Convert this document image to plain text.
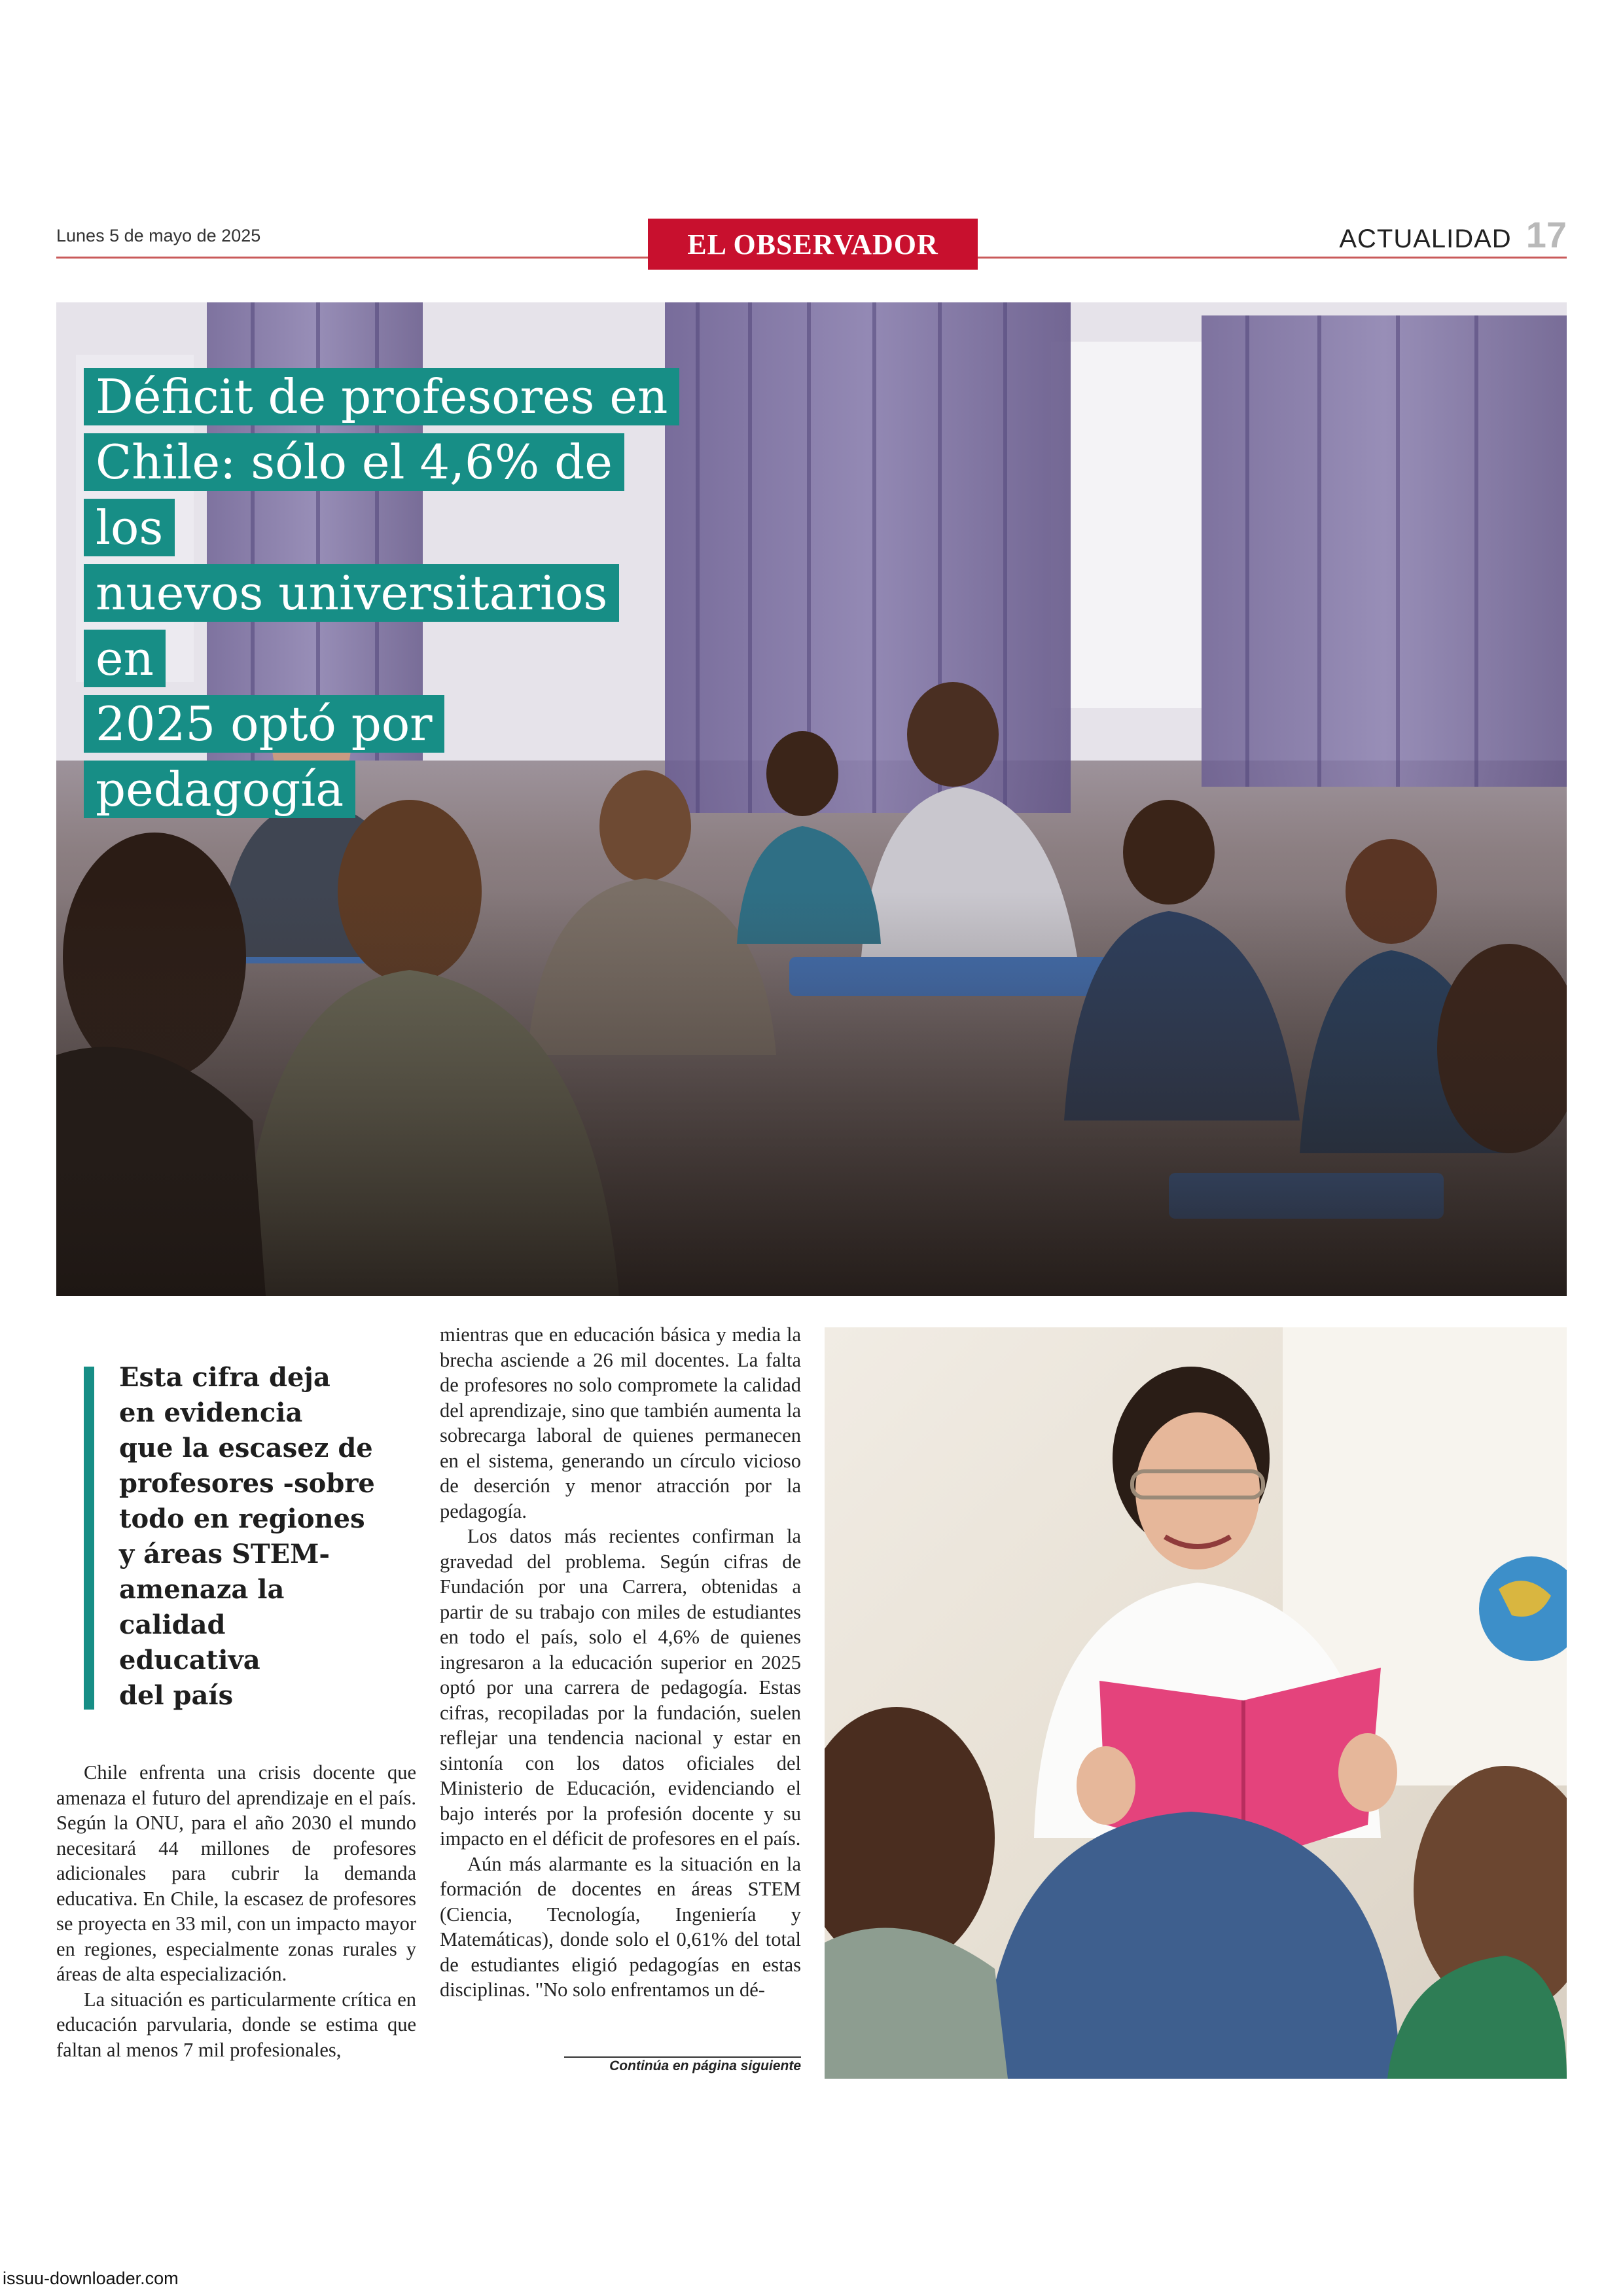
Lunes 5 de mayo de 2025	EL OBSERVADOR	ACTUALIDAD 17
Déficit de profesores en
Chile: sólo el 4,6% de los
nuevos universitarios en
2025 optó por pedagogía

Esta cifra deja
en evidencia
que la escasez de
profesores -sobre
todo en regiones
y áreas STEM-
amenaza la
calidad
educativa
del país

Chile enfrenta una crisis docente que amenaza el futuro del aprendizaje en el país. Según la ONU, para el año 2030 el mundo necesitará 44 millones de profesores adicionales para cubrir la demanda educativa. En Chile, la escasez de profesores se proyecta en 33 mil, con un impacto mayor en regiones, especialmente zonas rurales y áreas de alta especialización.

La situación es particularmente crítica en educación parvularia, donde se estima que faltan al menos 7 mil profesionales,

mientras que en educación básica y media la brecha asciende a 26 mil docentes. La falta de profesores no solo compromete la calidad del aprendizaje, sino que también aumenta la sobrecarga laboral de quienes permanecen en el sistema, generando un círculo vicioso de deserción y menor atracción por la pedagogía.

Los datos más recientes confirman la gravedad del problema. Según cifras de Fundación por una Carrera, obtenidas a partir de su trabajo con miles de estudiantes en todo el país, solo el 4,6% de quienes ingresaron a la educación superior en 2025 optó por una carrera de pedagogía. Estas cifras, recopiladas por la fundación, suelen reflejar una tendencia nacional y estar en sintonía con los datos oficiales del Ministerio de Educación, evidenciando el bajo interés por la profesión docente y su impacto en el déficit de profesores en el país.

Aún más alarmante es la situación en la formación de docentes en áreas STEM (Ciencia, Tecnología, Ingeniería y Matemáticas), donde solo el 0,61% del total de estudiantes eligió pedagogías en estas disciplinas. "No solo enfrentamos un dé-

Continúa en página siguiente
issuu-downloader.com
